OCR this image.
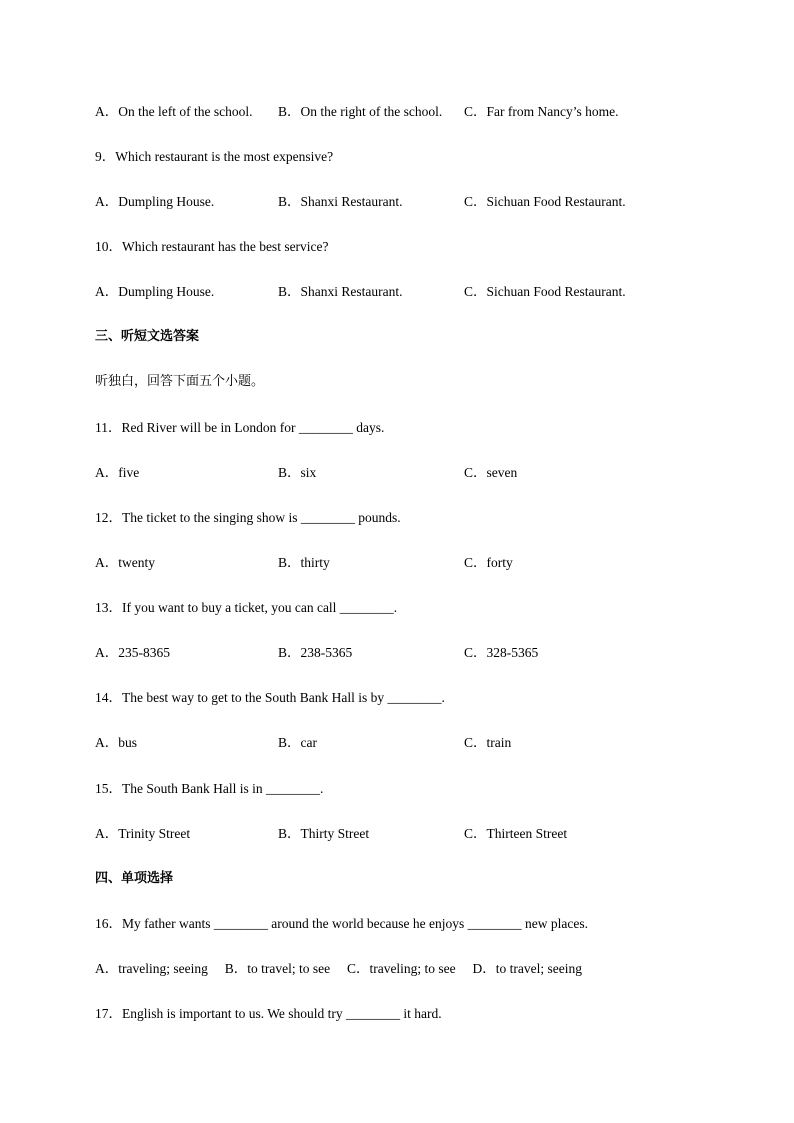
A．On the left of the school. B．On the right of the school. C．Far from Nancy’s home.
9．Which restaurant is the most expensive?
A．Dumpling House.	B．Shanxi Restaurant.	C．Sichuan Food Restaurant.
10．Which restaurant has the best service?
A．Dumpling House.	B．Shanxi Restaurant.	C．Sichuan Food Restaurant.
三、听短文选答案
听独白，回答下面五个小题。
11．Red River will be in London for ________ days.
A．five	B．six	C．seven
12．The ticket to the singing show is ________ pounds.
A．twenty	B．thirty	C．forty
13．If you want to buy a ticket, you can call ________.
A．235-8365	B．238-5365	C．328-5365
14．The best way to get to the South Bank Hall is by ________.
A．bus	B．car	C．train
15．The South Bank Hall is in ________.
A．Trinity Street	B．Thirty Street	C．Thirteen Street
四、单项选择
16．My father wants ________ around the world because he enjoys ________ new places.
A．traveling; seeing　 B．to travel; to see　 C．traveling; to see　 D．to travel; seeing
17．English is important to us. We should try ________ it hard.
